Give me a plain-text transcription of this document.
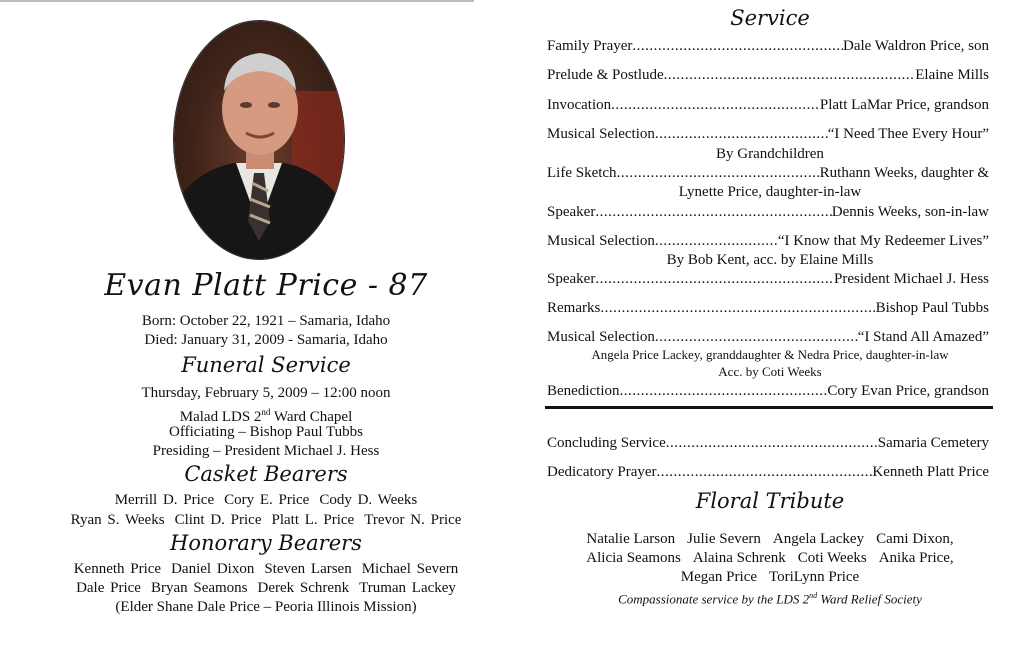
Evan Platt Price - 87
Born: October 22, 1921 – Samaria, Idaho
Died: January 31, 2009 - Samaria, Idaho
Funeral Service
Thursday, February 5, 2009 – 12:00 noon
Malad LDS 2nd Ward Chapel
Officiating – Bishop Paul Tubbs
Presiding – President Michael J. Hess
Casket Bearers
Merrill D. Price Cory E. Price Cody D. Weeks
Ryan S. Weeks Clint D. Price Platt L. Price Trevor N. Price
Honorary Bearers
Kenneth Price Daniel Dixon Steven Larsen Michael Severn
Dale Price Bryan Seamons Derek Schrenk Truman Lackey
(Elder Shane Dale Price – Peoria Illinois Mission)
Service
Family Prayer .....	Dale Waldron Price, son
Prelude & Postlude .....	Elaine Mills
Invocation .....	Platt LaMar Price, grandson
Musical Selection .....	“I Need Thee Every Hour”
By Grandchildren
Life Sketch .....	Ruthann Weeks, daughter &
Lynette Price, daughter-in-law
Speaker .....	Dennis Weeks, son-in-law
Musical Selection .....	“I Know that My Redeemer Lives”
By Bob Kent, acc. by Elaine Mills
Speaker .....	President Michael J. Hess
Remarks .....	Bishop Paul Tubbs
Musical Selection .....	“I Stand All Amazed”
Angela Price Lackey, granddaughter & Nedra Price, daughter-in-law
Acc. by Coti Weeks
Benediction .....	Cory Evan Price, grandson
Concluding Service .....	Samaria Cemetery
Dedicatory Prayer .....	Kenneth Platt Price
Floral Tribute
Natalie Larson Julie Severn Angela Lackey Cami Dixon,
Alicia Seamons Alaina Schrenk Coti Weeks Anika Price,
Megan Price ToriLynn Price
Compassionate service by the LDS 2nd Ward Relief Society
